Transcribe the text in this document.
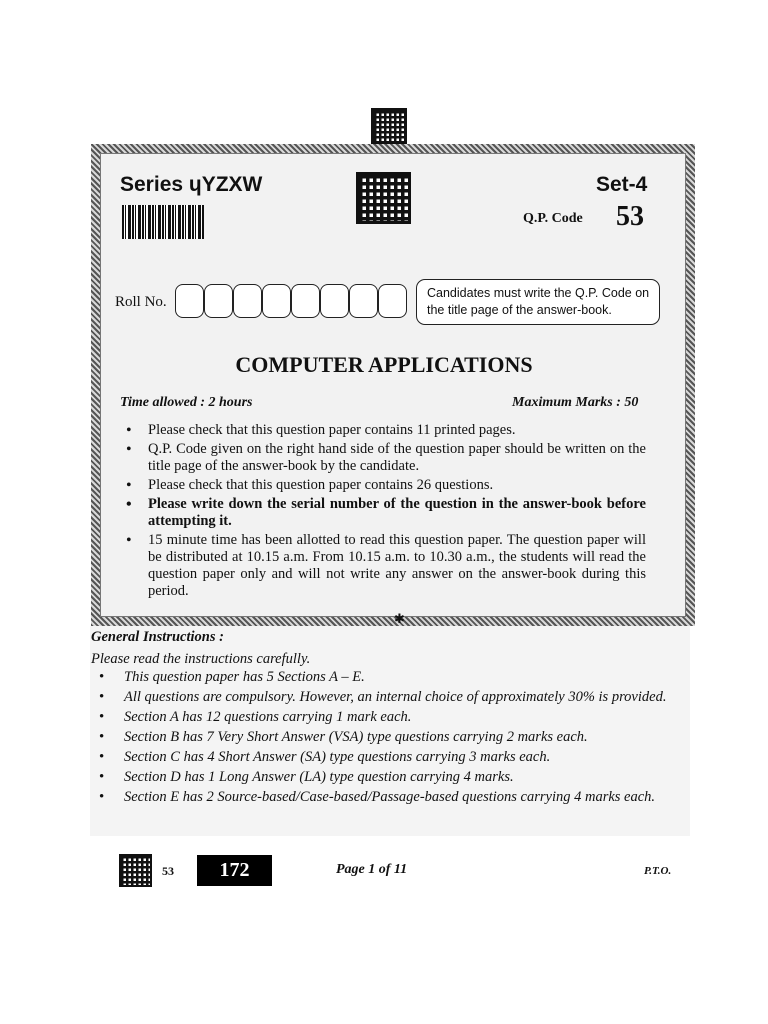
Series ɥYZXW	Set-4
Q.P. Code 53
Roll No.
Candidates must write the Q.P. Code on the title page of the answer-book.
COMPUTER APPLICATIONS
Time allowed : 2 hours	Maximum Marks : 50
• Please check that this question paper contains 11 printed pages.
• Q.P. Code given on the right hand side of the question paper should be written on the title page of the answer-book by the candidate.
• Please check that this question paper contains 26 questions.
• Please write down the serial number of the question in the answer-book before attempting it.
• 15 minute time has been allotted to read this question paper. The question paper will be distributed at 10.15 a.m. From 10.15 a.m. to 10.30 a.m., the students will read the question paper only and will not write any answer on the answer-book during this period.
✱
General Instructions :
Please read the instructions carefully.
• This question paper has 5 Sections A – E.
• All questions are compulsory. However, an internal choice of approximately 30% is provided.
• Section A has 12 questions carrying 1 mark each.
• Section B has 7 Very Short Answer (VSA) type questions carrying 2 marks each.
• Section C has 4 Short Answer (SA) type questions carrying 3 marks each.
• Section D has 1 Long Answer (LA) type question carrying 4 marks.
• Section E has 2 Source-based/Case-based/Passage-based questions carrying 4 marks each.
53	172	Page 1 of 11	P.T.O.
